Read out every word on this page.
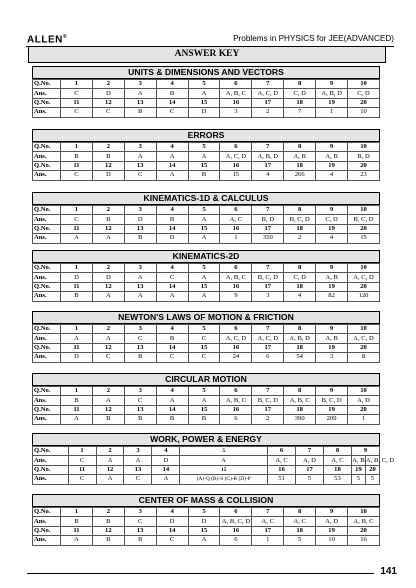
ALLEN®	Problems in PHYSICS for JEE(ADVANCED)
ANSWER KEY
UNITS & DIMENSIONS AND VECTORS
Q.No.	1	2	3	4	5	6	7	8	9	10
Ans.	C	D	A	B	A	A, B, C	A, C, D	C, D	A, B, D	C, D
Q.No.	11	12	13	14	15	16	17	18	19	20
Ans.	C	C	B	C	D	3	2	7	1	10
ERRORS
Q.No.	1	2	3	4	5	6	7	8	9	10
Ans.	B	B	A	A	A	A, C, D	A, B, D	A, B	A, B	B, D
Q.No.	11	12	13	14	15	16	17	18	19	20
Ans.	C	D	C	A	B	15	4	266	4	23
KINEMATICS-1D & CALCULUS
Q.No.	1	2	3	4	5	6	7	8	9	10
Ans.	C	B	D	B	A	A, C	B, D	B, C, D	C, D	B, C, D
Q.No.	11	12	13	14	15	16	17	18	19	20
Ans.	A	A	B	D	A	1	350	2	4	15
KINEMATICS-2D
Q.No.	1	2	3	4	5	6	7	8	9	10
Ans.	D	D	A	C	A	A, B, C	B, C, D	C, D	A, B	A, C, D
Q.No.	11	12	13	14	15	16	17	18	19	20
Ans.	B	A	A	A	A	9	3	4	82	120
NEWTON'S LAWS OF MOTION & FRICTION
Q.No.	1	2	3	4	5	6	7	8	9	10
Ans.	A	A	C	B	C	A, C, D	A, C, D	A, B, D	A, B	A, C, D
Q.No.	11	12	13	14	15	16	17	18	19	20
Ans.	D	C	B	C	C	24	6	54	3	8
CIRCULAR MOTION
Q.No.	1	2	3	4	5	6	7	8	9	10
Ans.	B	A	C	A	A	A, B, C	B, C, D	A, B, C	B, C, D	A, D
Q.No.	11	12	13	14	15	16	17	18	19	20
Ans.	A	B	B	B	B	6	2	390	209	1
WORK, POWER & ENERGY
Q.No.	1	2	3	4	5	6	7	8	9	
Ans.	C	A	A	D	A	A, C	A, D	A, C	A, B	A, B, C, D
Q.No.	11	12	13	14	15	16	17	18	19	20
Ans.	C	A	C	A	(A)-Q (B)-S (C)-R (D)-P	51	5	53	5	5
CENTER OF MASS & COLLISION
Q.No.	1	2	3	4	5	6	7	8	9	10
Ans.	B	B	C	D	D	A, B, C, D	A, C	A, C	A, D	A, B, C
Q.No.	11	12	13	14	15	16	17	18	19	20
Ans.	A	B	B	C	A	6	1	5	10	16
141
